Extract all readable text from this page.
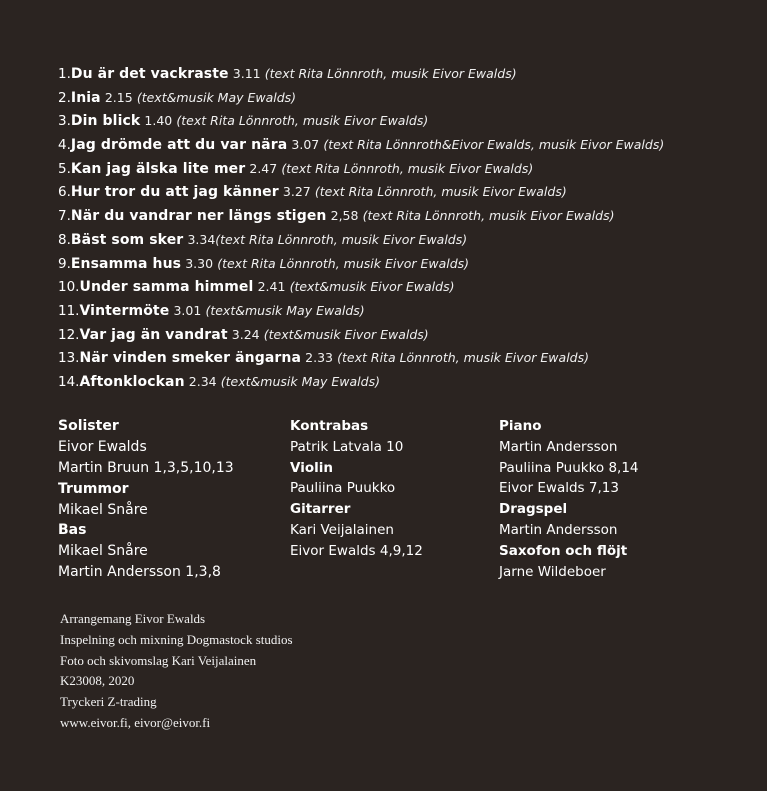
1.Du är det vackraste 3.11 (text Rita Lönnroth, musik Eivor Ewalds)
2.Inia 2.15 (text&musik May Ewalds)
3.Din blick 1.40 (text Rita Lönnroth, musik Eivor Ewalds)
4.Jag drömde att du var nära 3.07 (text Rita Lönnroth&Eivor Ewalds, musik Eivor Ewalds)
5.Kan jag älska lite mer 2.47 (text Rita Lönnroth, musik Eivor Ewalds)
6.Hur tror du att jag känner 3.27 (text Rita Lönnroth, musik Eivor Ewalds)
7.När du vandrar ner längs stigen 2,58 (text Rita Lönnroth, musik Eivor Ewalds)
8.Bäst som sker 3.34(text Rita Lönnroth, musik Eivor Ewalds)
9.Ensamma hus 3.30 (text Rita Lönnroth, musik Eivor Ewalds)
10.Under samma himmel 2.41 (text&musik Eivor Ewalds)
11.Vintermöte 3.01 (text&musik May Ewalds)
12.Var jag än vandrat 3.24 (text&musik Eivor Ewalds)
13.När vinden smeker ängarna 2.33 (text Rita Lönnroth, musik Eivor Ewalds)
14.Aftonklockan 2.34 (text&musik May Ewalds)
Solister
Eivor Ewalds
Martin Bruun 1,3,5,10,13
Trummor
Mikael Snåre
Bas
Mikael Snåre
Martin Andersson 1,3,8
Kontrabas
Patrik Latvala 10
Violin
Pauliina Puukko
Gitarrer
Kari Veijalainen
Eivor Ewalds 4,9,12
Piano
Martin Andersson
Pauliina Puukko 8,14
Eivor Ewalds 7,13
Dragspel
Martin Andersson
Saxofon och flöjt
Jarne Wildeboer
Arrangemang Eivor Ewalds
Inspelning och mixning Dogmastock studios
Foto och skivomslag Kari Veijalainen
K23008, 2020
Tryckeri Z-trading
www.eivor.fi, eivor@eivor.fi
